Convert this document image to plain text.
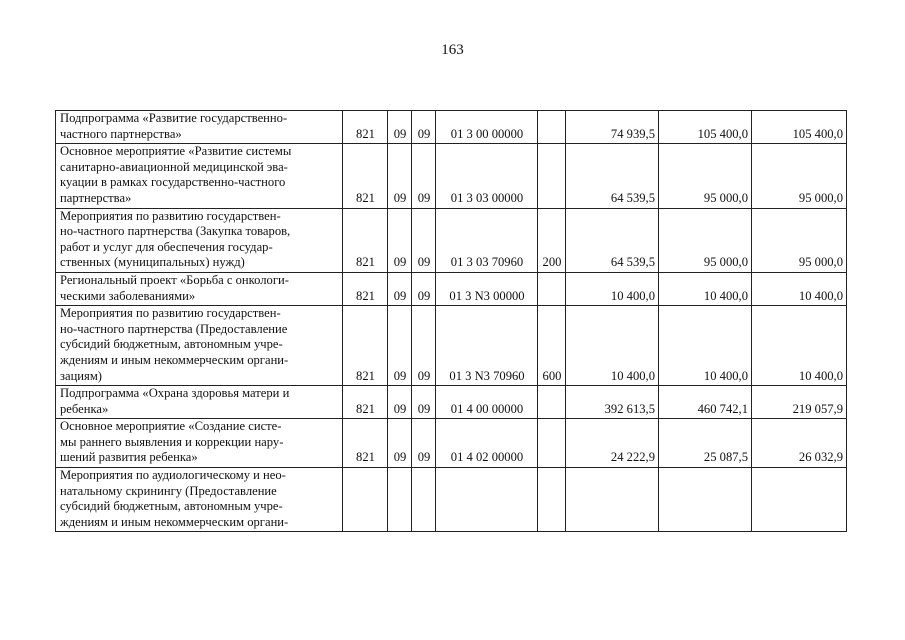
163
Подпрограмма «Развитие государственно-
частного партнерства»	821	09	09	01 3 00 00000		74 939,5	105 400,0	105 400,0

Основное мероприятие «Развитие системы
санитарно-авиационной медицинской эва-
куации в рамках государственно-частного
партнерства»	821	09	09	01 3 03 00000		64 539,5	95 000,0	95 000,0

Мероприятия по развитию государствен-
но-частного партнерства (Закупка товаров,
работ и услуг для обеспечения государ-
ственных (муниципальных) нужд)	821	09	09	01 3 03 70960	200	64 539,5	95 000,0	95 000,0

Региональный проект «Борьба с онкологи-
ческими заболеваниями»	821	09	09	01 3 N3 00000		10 400,0	10 400,0	10 400,0

Мероприятия по развитию государствен-
но-частного партнерства (Предоставление
субсидий бюджетным, автономным учре-
ждениям и иным некоммерческим органи-
зациям)	821	09	09	01 3 N3 70960	600	10 400,0	10 400,0	10 400,0

Подпрограмма «Охрана здоровья матери и
ребенка»	821	09	09	01 4 00 00000		392 613,5	460 742,1	219 057,9

Основное мероприятие «Создание систе-
мы раннего выявления и коррекции нару-
шений развития ребенка»	821	09	09	01 4 02 00000		24 222,9	25 087,5	26 032,9

Мероприятия по аудиологическому и нео-
натальному скринингу (Предоставление
субсидий бюджетным, автономным учре-
ждениям и иным некоммерческим органи-								
